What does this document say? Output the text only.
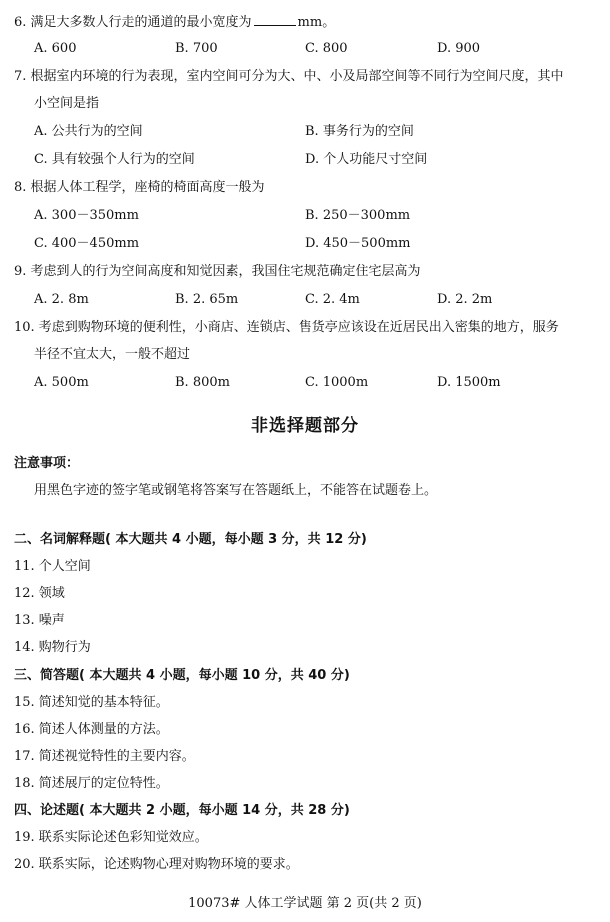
6. 满足大多数人行走的通道的最小宽度为	mm。
A. 600	B. 700	C. 800	D. 900
7. 根据室内环境的行为表现，室内空间可分为大、中、小及局部空间等不同行为空间尺度，其中
小空间是指
A. 公共行为的空间	B. 事务行为的空间
C. 具有较强个人行为的空间	D. 个人功能尺寸空间
8. 根据人体工程学，座椅的椅面高度一般为
A. 300－350mm	B. 250－300mm
C. 400－450mm	D. 450－500mm
9. 考虑到人的行为空间高度和知觉因素，我国住宅规范确定住宅层高为
A. 2. 8m	B. 2. 65m	C. 2. 4m	D. 2. 2m
10. 考虑到购物环境的便利性，小商店、连锁店、售货亭应该设在近居民出入密集的地方，服务
半径不宜太大，一般不超过
A. 500m	B. 800m	C. 1000m	D. 1500m
非选择题部分
注意事项：
用黑色字迹的签字笔或钢笔将答案写在答题纸上，不能答在试题卷上。
二、名词解释题( 本大题共 4 小题，每小题 3 分，共 12 分)
11. 个人空间
12. 领域
13. 噪声
14. 购物行为
三、简答题( 本大题共 4 小题，每小题 10 分，共 40 分)
15. 简述知觉的基本特征。
16. 简述人体测量的方法。
17. 简述视觉特性的主要内容。
18. 简述展厅的定位特性。
四、论述题( 本大题共 2 小题，每小题 14 分，共 28 分)
19. 联系实际论述色彩知觉效应。
20. 联系实际，论述购物心理对购物环境的要求。
10073# 人体工学试题 第 2 页(共 2 页)
